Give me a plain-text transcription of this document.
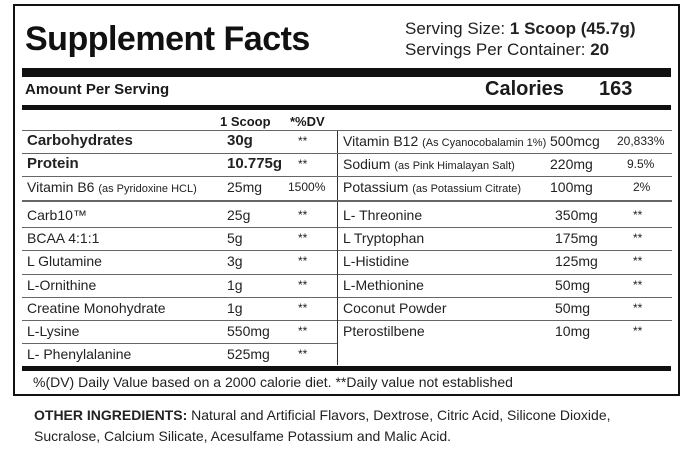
Supplement Facts	Serving Size: 1 Scoop (45.7g)
Servings Per Container: 20
Amount Per Serving	Calories 163
1 Scoop *%DV
Carbohydrates	30g	**
Protein	10.775g **
Vitamin B6 (as Pyridoxine HCL) 25mg 1500%
Vitamin B12 (As Cyanocobalamin 1%) 500mcg 20,833%
Sodium (as Pink Himalayan Salt)	220mg	9.5%
Potassium (as Potassium Citrate) 100mg	2%
Carb10™	25g	**
BCAA 4:1:1	5g	**
L Glutamine	3g	**
L-Ornithine	1g	**
Creatine Monohydrate	1g	**
L-Lysine	550mg **
L- Phenylalanine	525mg **
L- Threonine	350mg	**
L Tryptophan	175mg	**
L-Histidine	125mg	**
L-Methionine	50mg	**
Coconut Powder	50mg	**
Pterostilbene	10mg	**
%(DV) Daily Value based on a 2000 calorie diet. **Daily value not established
OTHER INGREDIENTS: Natural and Artificial Flavors, Dextrose, Citric Acid, Silicone Dioxide, Sucralose, Calcium Silicate, Acesulfame Potassium and Malic Acid.
